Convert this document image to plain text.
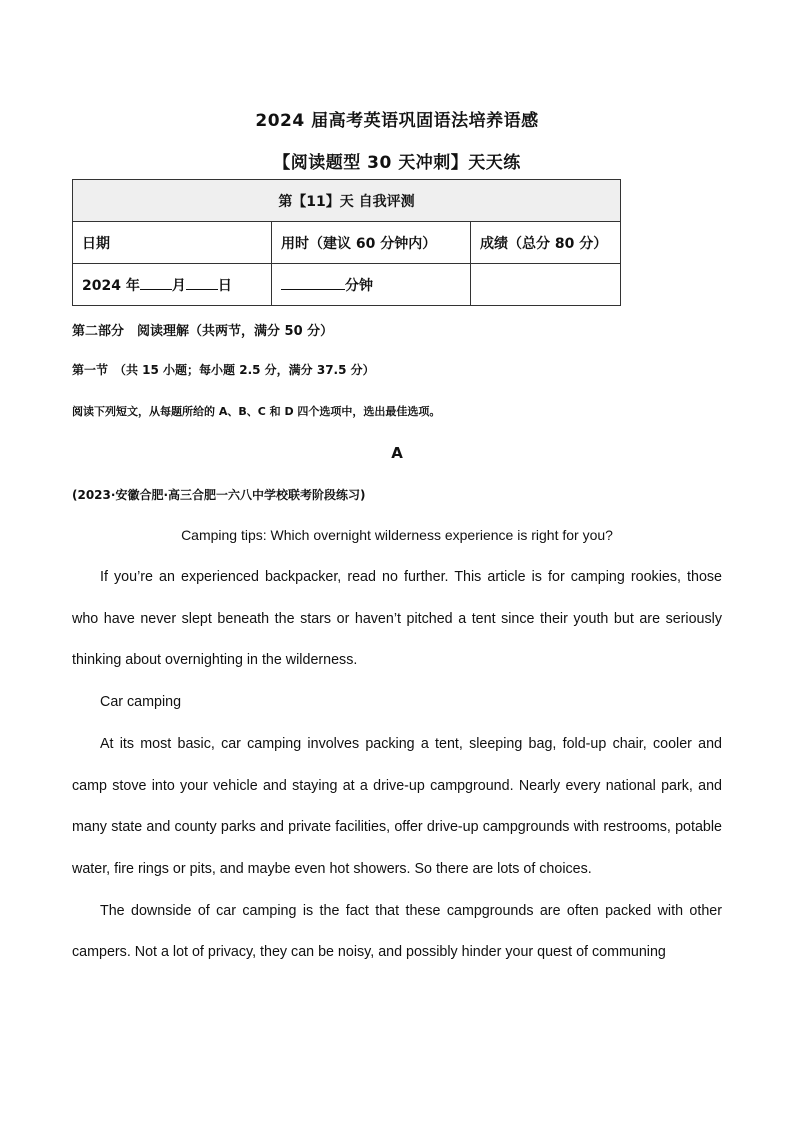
2024 届高考英语巩固语法培养语感
【阅读题型 30 天冲刺】天天练
第【11】天 自我评测		
日期	用时（建议 60 分钟内）	成绩（总分 80 分）
2024 年 月 日	分钟	
第二部分　阅读理解（共两节，满分 50 分）
第一节　（共 15 小题；每小题 2.5 分，满分 37.5 分）
阅读下列短文，从每题所给的 A、B、C 和 D 四个选项中，选出最佳选项。
A
(2023·安徽合肥·高三合肥一六八中学校联考阶段练习)
Camping tips: Which overnight wilderness experience is right for you?

If you’re an experienced backpacker, read no further. This article is for camping rookies, those who have never slept beneath the stars or haven’t pitched a tent since their youth but are seriously thinking about overnighting in the wilderness.

Car camping

At its most basic, car camping involves packing a tent, sleeping bag, fold-up chair, cooler and camp stove into your vehicle and staying at a drive-up campground. Nearly every national park, and many state and county parks and private facilities, offer drive-up campgrounds with restrooms, potable water, fire rings or pits, and maybe even hot showers. So there are lots of choices.

The downside of car camping is the fact that these campgrounds are often packed with other campers. Not a lot of privacy, they can be noisy, and possibly hinder your quest of communing
